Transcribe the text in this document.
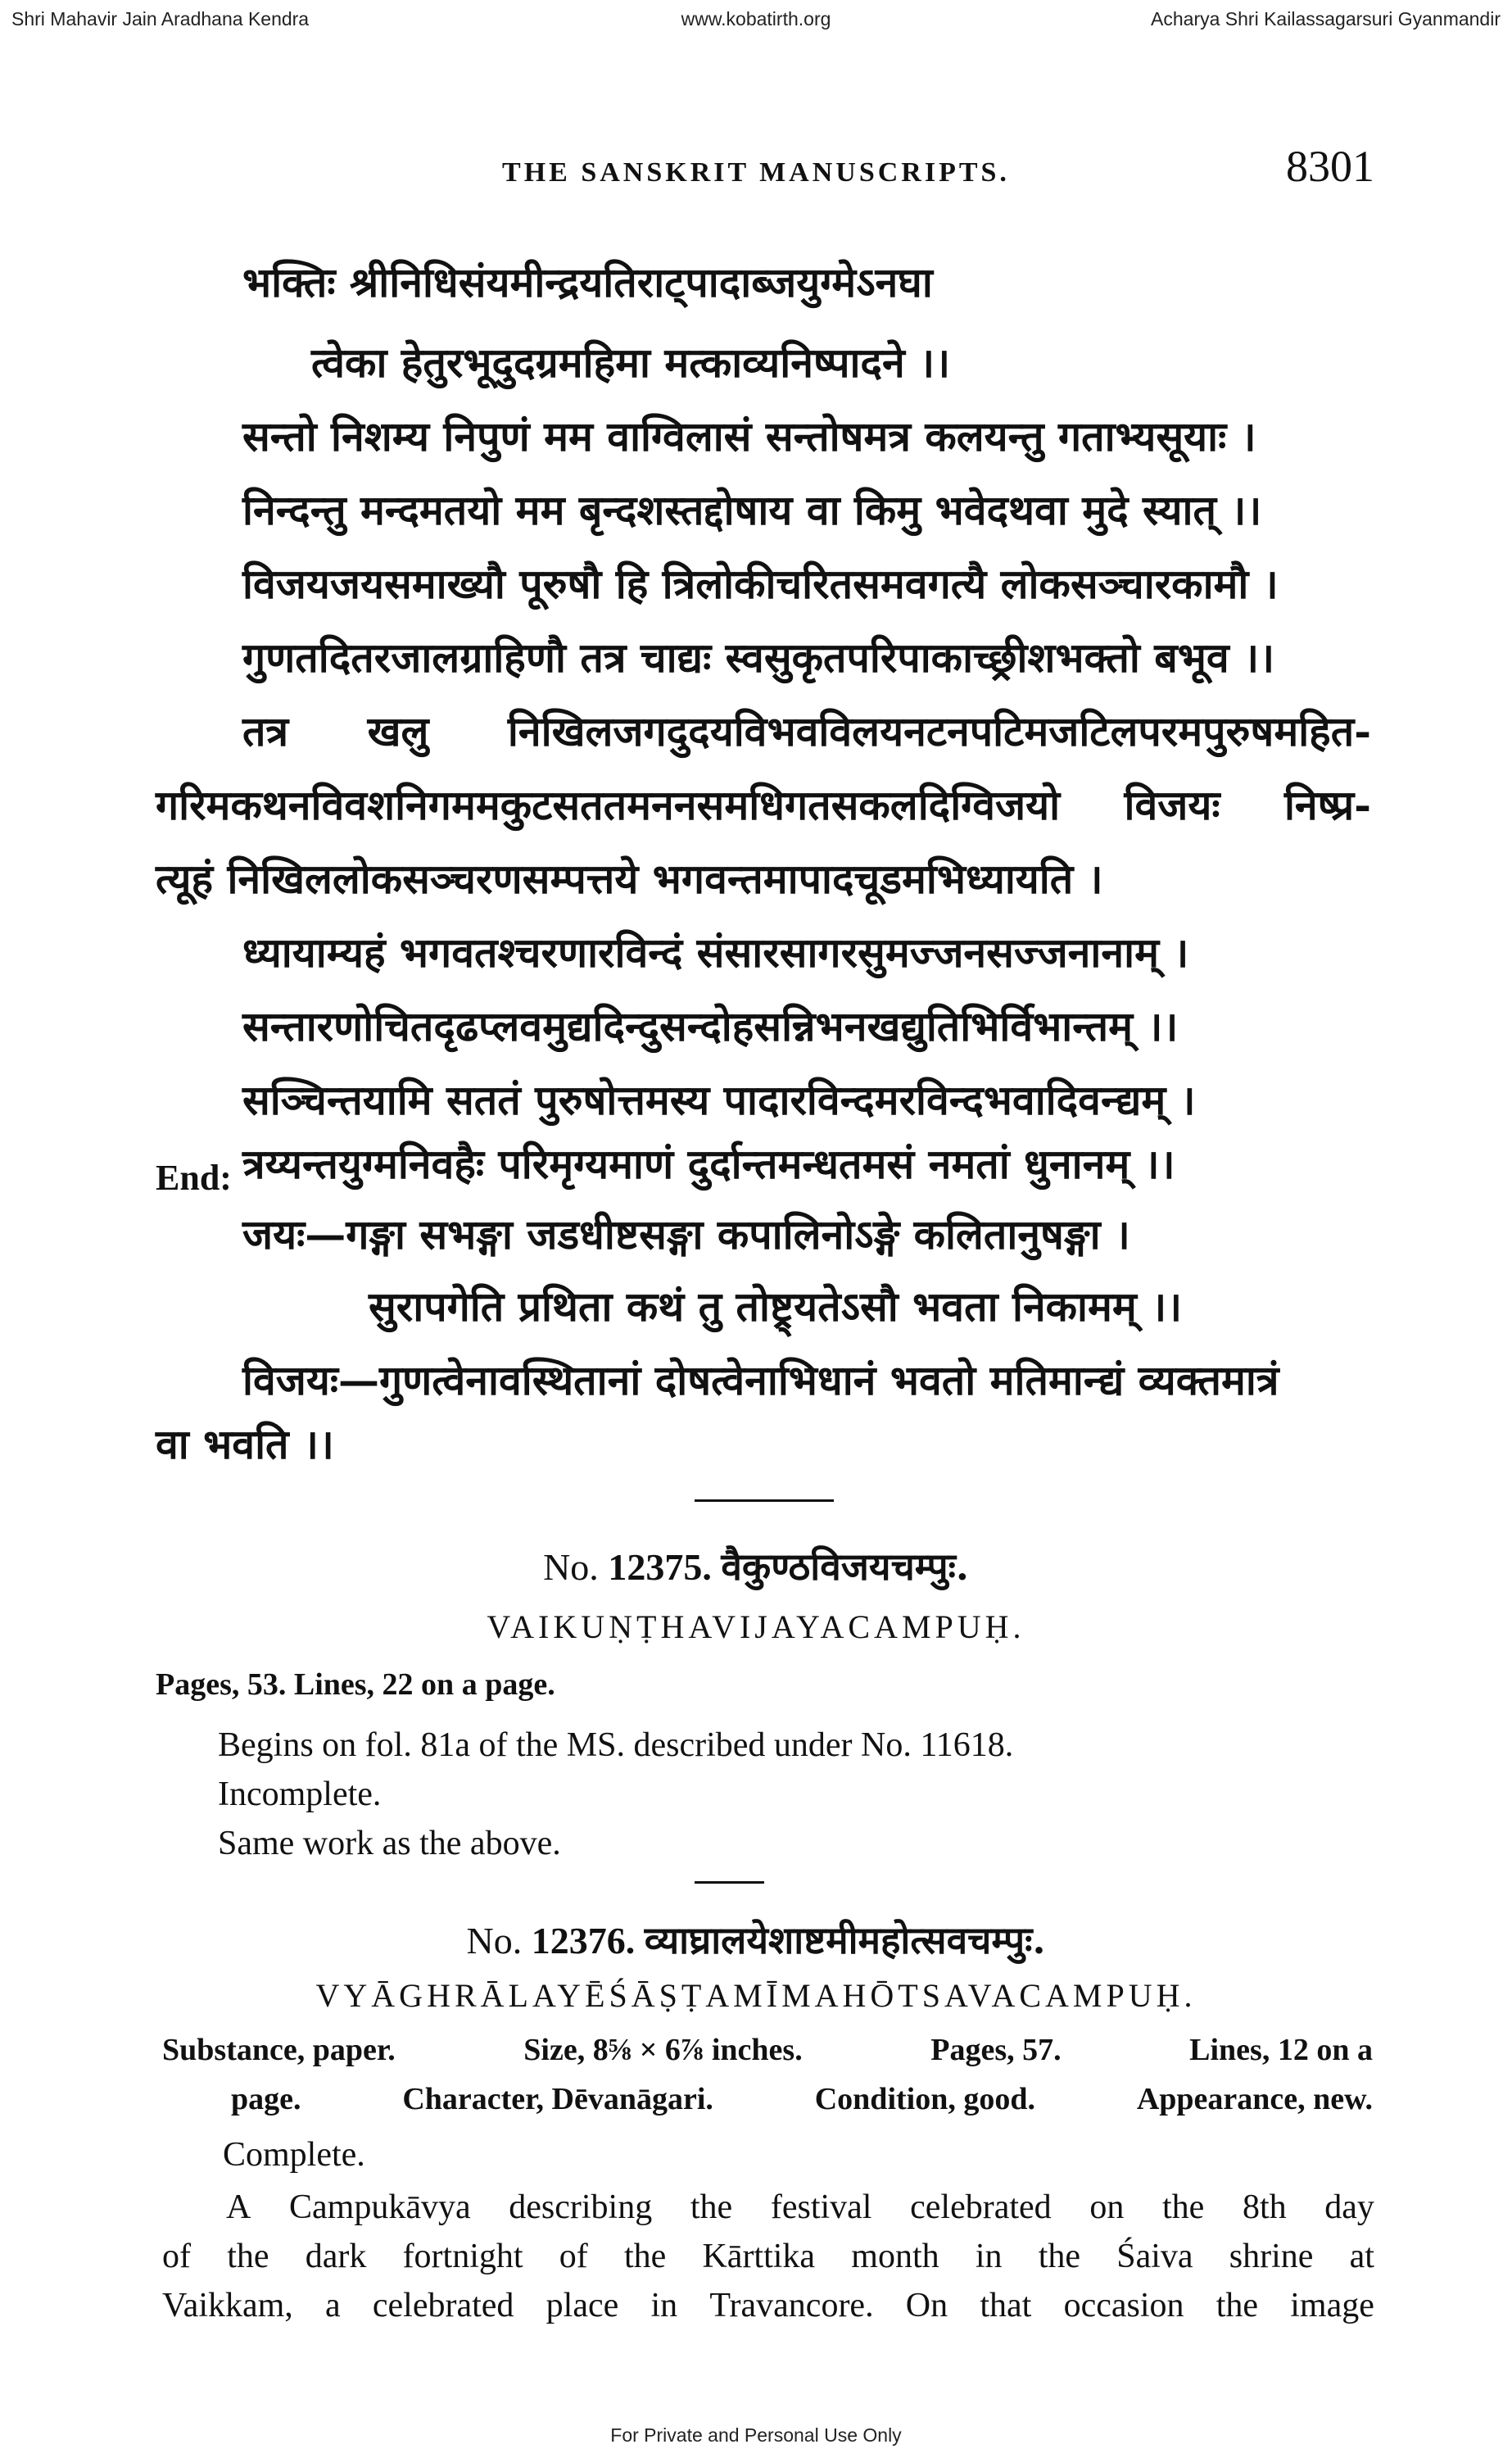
Shri Mahavir Jain Aradhana Kendra	www.kobatirth.org	Acharya Shri Kailassagarsuri Gyanmandir
THE SANSKRIT MANUSCRIPTS.	8301
भक्तिः श्रीनिधिसंयमीन्द्रयतिराट्पादाब्जयुग्मेऽनघा
त्वेका हेतुरभूदुदग्रमहिमा मत्काव्यनिष्पादने ।।
सन्तो निशम्य निपुणं मम वाग्विलासं सन्तोषमत्र कलयन्तु गताभ्यसूयाः ।
निन्दन्तु मन्दमतयो मम बृन्दशस्तद्दोषाय वा किमु भवेदथवा मुदे स्यात् ।।
विजयजयसमाख्यौ पूरुषौ हि त्रिलोकीचरितसमवगत्यै लोकसञ्चारकामौ ।
गुणतदितरजालग्राहिणौ तत्र चाद्यः स्वसुकृतपरिपाकाच्छ्रीशभक्तो बभूव ।।
तत्र खलु निखिलजगदुदयविभवविलयनटनपटिमजटिलपरमपुरुषमहित-
गरिमकथनविवशनिगममकुटसततमननसमधिगतसकलदिग्विजयो विजयः निष्प्र-
त्यूहं निखिललोकसञ्चरणसम्पत्तये भगवन्तमापादचूडमभिध्यायति ।
ध्यायाम्यहं भगवतश्चरणारविन्दं संसारसागरसुमज्जनसज्जनानाम् ।
सन्तारणोचितदृढप्लवमुद्यदिन्दुसन्दोहसन्निभनखद्युतिभिर्विभान्तम् ।।
सञ्चिन्तयामि सततं पुरुषोत्तमस्य पादारविन्दमरविन्दभवादिवन्द्यम् ।
त्रय्यन्तयुग्मनिवहैः परिमृग्यमाणं दुर्दान्तमन्धतमसं नमतां धुनानम् ।।
End:
जयः—गङ्गा सभङ्गा जडधीष्टसङ्गा कपालिनोऽङ्गे कलितानुषङ्गा ।
सुरापगेति प्रथिता कथं तु तोष्ट्र्यतेऽसौ भवता निकामम् ।।
विजयः—गुणत्वेनावस्थितानां दोषत्वेनाभिधानं भवतो मतिमान्द्यं व्यक्तमात्रं
वा भवति ।।
No. 12375. वैकुण्ठविजयचम्पुः.
VAIKUṆṬHAVIJAYACAMPUḤ.
Pages, 53. Lines, 22 on a page.
Begins on fol. 81a of the MS. described under No. 11618.
Incomplete.
Same work as the above.
No. 12376. व्याघ्रालयेशाष्टमीमहोत्सवचम्पुः.
VYĀGHRĀLAYĒŚĀṢṬAMĪMAHŌTSAVACAMPUḤ.
Substance, paper.	Size, 8⅝ × 6⅞ inches.	Pages, 57.	Lines, 12 on a
page.	Character, Dēvanāgari.	Condition, good.	Appearance, new.
Complete.
A Campukāvya describing the festival celebrated on the 8th day
of the dark fortnight of the Kārttika month in the Śaiva shrine at
Vaikkam, a celebrated place in Travancore. On that occasion the image
For Private and Personal Use Only
